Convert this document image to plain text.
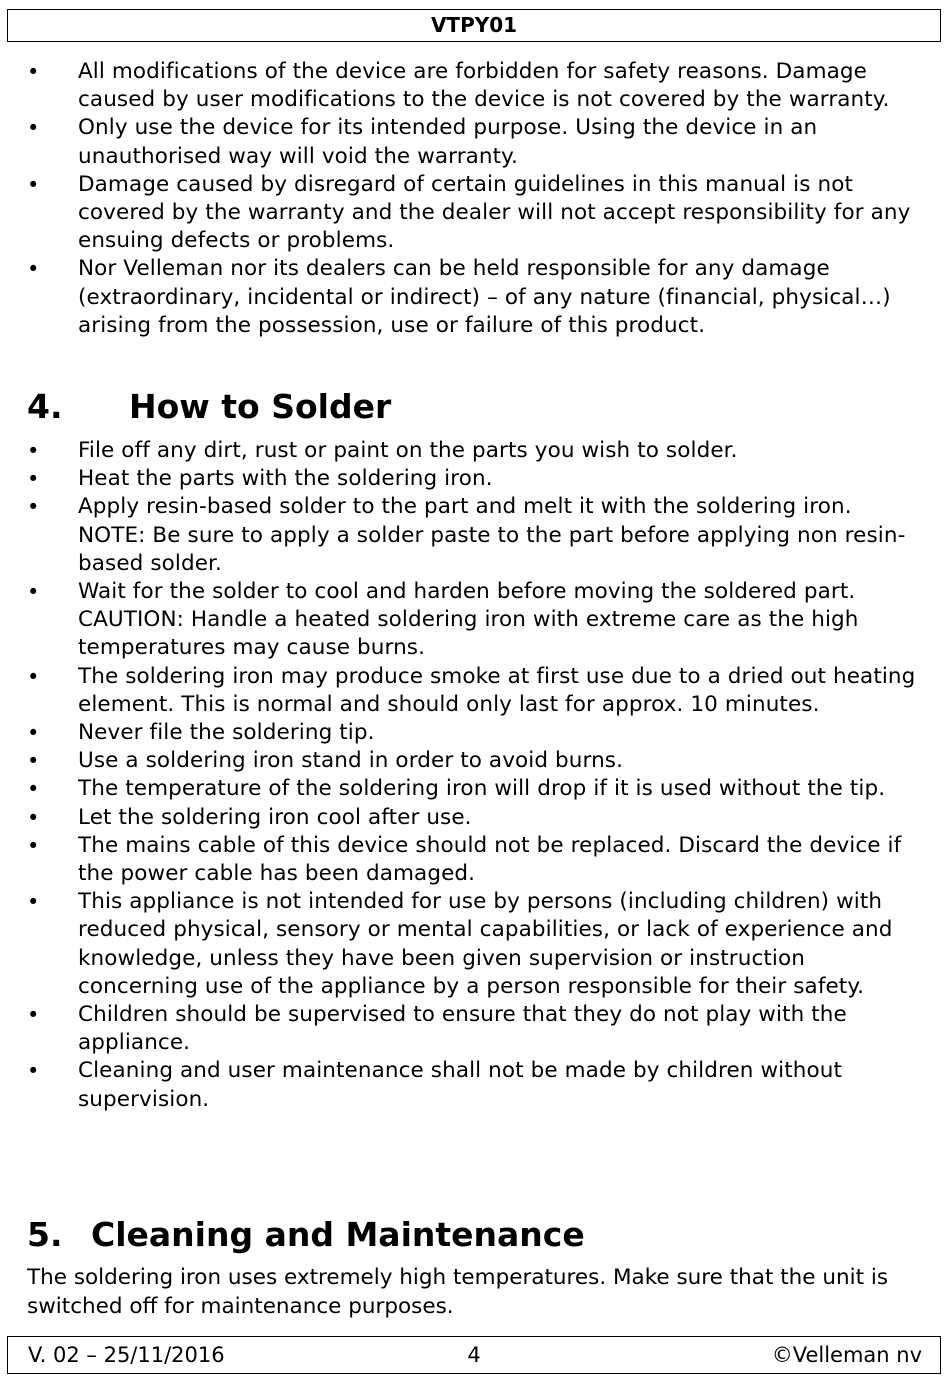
VTPY01
• All modifications of the device are forbidden for safety reasons. Damage caused by user modifications to the device is not covered by the warranty.
• Only use the device for its intended purpose. Using the device in an unauthorised way will void the warranty.
• Damage caused by disregard of certain guidelines in this manual is not covered by the warranty and the dealer will not accept responsibility for any ensuing defects or problems.
• Nor Velleman nor its dealers can be held responsible for any damage (extraordinary, incidental or indirect) – of any nature (financial, physical…) arising from the possession, use or failure of this product.
4. How to Solder
• File off any dirt, rust or paint on the parts you wish to solder.
• Heat the parts with the soldering iron.
• Apply resin-based solder to the part and melt it with the soldering iron. NOTE: Be sure to apply a solder paste to the part before applying non resin-based solder.
• Wait for the solder to cool and harden before moving the soldered part. CAUTION: Handle a heated soldering iron with extreme care as the high temperatures may cause burns.
• The soldering iron may produce smoke at first use due to a dried out heating element. This is normal and should only last for approx. 10 minutes.
• Never file the soldering tip.
• Use a soldering iron stand in order to avoid burns.
• The temperature of the soldering iron will drop if it is used without the tip.
• Let the soldering iron cool after use.
• The mains cable of this device should not be replaced. Discard the device if the power cable has been damaged.
• This appliance is not intended for use by persons (including children) with reduced physical, sensory or mental capabilities, or lack of experience and knowledge, unless they have been given supervision or instruction concerning use of the appliance by a person responsible for their safety.
• Children should be supervised to ensure that they do not play with the appliance.
• Cleaning and user maintenance shall not be made by children without supervision.
5. Cleaning and Maintenance

The soldering iron uses extremely high temperatures. Make sure that the unit is switched off for maintenance purposes.

V. 02 – 25/11/2016	4	©Velleman nv
